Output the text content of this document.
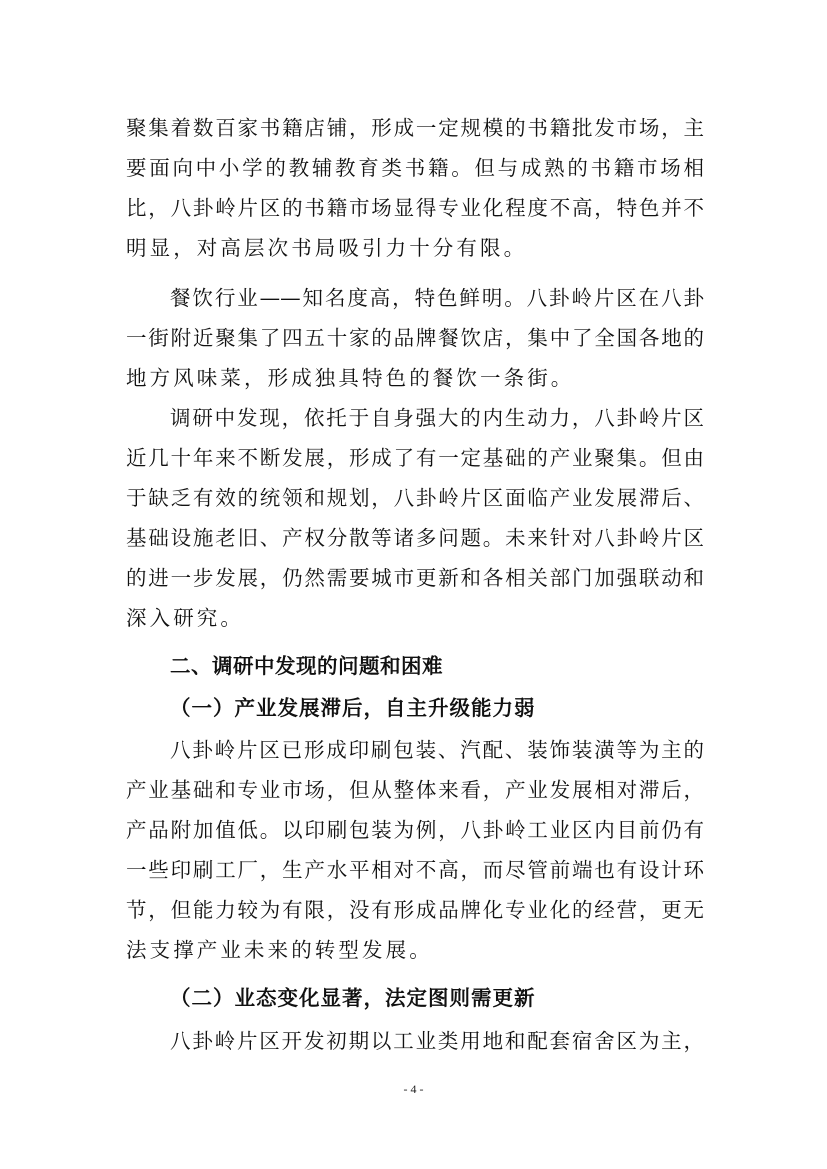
聚集着数百家书籍店铺，形成一定规模的书籍批发市场，主
要面向中小学的教辅教育类书籍。但与成熟的书籍市场相
比，八卦岭片区的书籍市场显得专业化程度不高，特色并不
明显，对高层次书局吸引力十分有限。
餐饮行业——知名度高，特色鲜明。八卦岭片区在八卦
一街附近聚集了四五十家的品牌餐饮店，集中了全国各地的
地方风味菜，形成独具特色的餐饮一条街。
调研中发现，依托于自身强大的内生动力，八卦岭片区
近几十年来不断发展，形成了有一定基础的产业聚集。但由
于缺乏有效的统领和规划，八卦岭片区面临产业发展滞后、
基础设施老旧、产权分散等诸多问题。未来针对八卦岭片区
的进一步发展，仍然需要城市更新和各相关部门加强联动和
深入研究。
二、调研中发现的问题和困难
（一）产业发展滞后，自主升级能力弱
八卦岭片区已形成印刷包装、汽配、装饰装潢等为主的
产业基础和专业市场，但从整体来看，产业发展相对滞后，
产品附加值低。以印刷包装为例，八卦岭工业区内目前仍有
一些印刷工厂，生产水平相对不高，而尽管前端也有设计环
节，但能力较为有限，没有形成品牌化专业化的经营，更无
法支撑产业未来的转型发展。
（二）业态变化显著，法定图则需更新
八卦岭片区开发初期以工业类用地和配套宿舍区为主，
- 4 -
